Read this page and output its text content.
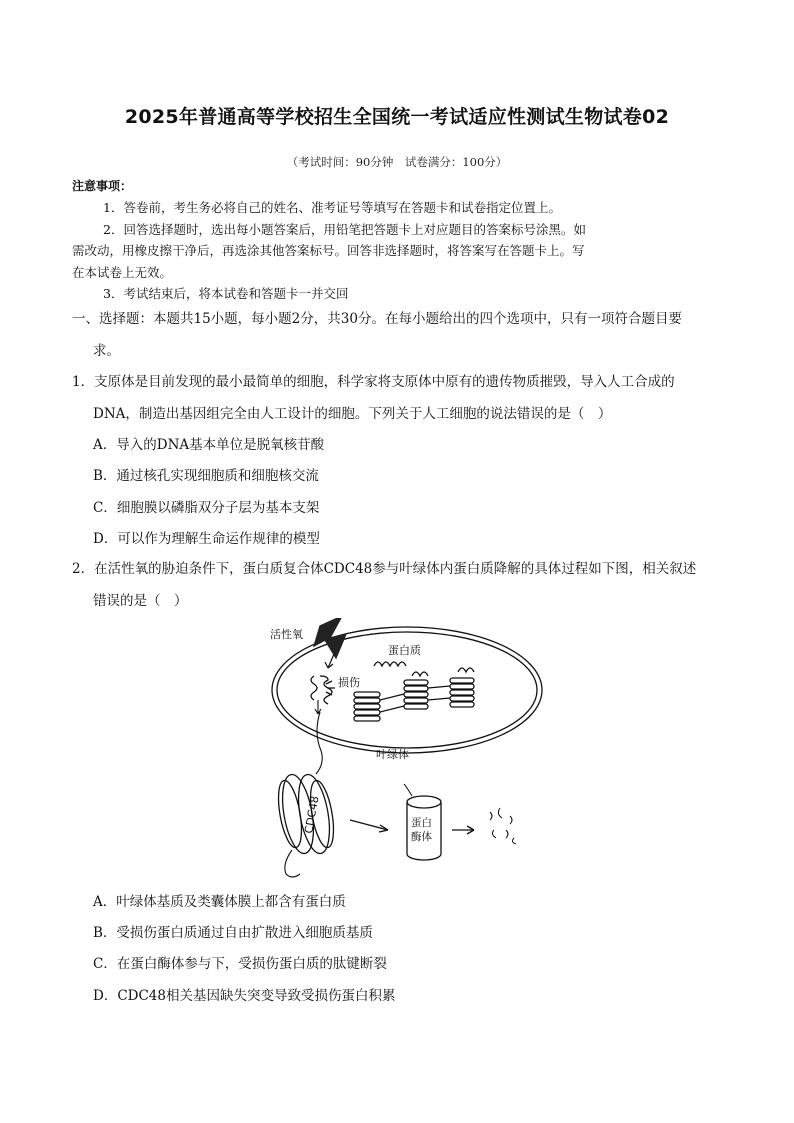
2025年普通高等学校招生全国统一考试适应性测试生物试卷02
（考试时间：90分钟　试卷满分：100分）
注意事项：
1．答卷前，考生务必将自己的姓名、准考证号等填写在答题卡和试卷指定位置上。
2．回答选择题时，选出每小题答案后，用铅笔把答题卡上对应题目的答案标号涂黑。如
需改动，用橡皮擦干净后，再选涂其他答案标号。回答非选择题时，将答案写在答题卡上。写
在本试卷上无效。
3．考试结束后，将本试卷和答题卡一并交回
一、选择题：本题共15小题，每小题2分，共30分。在每小题给出的四个选项中，只有一项符合题目要
求。
1．支原体是目前发现的最小最简单的细胞，科学家将支原体中原有的遗传物质摧毁，导入人工合成的
DNA，制造出基因组完全由人工设计的细胞。下列关于人工细胞的说法错误的是（　）
A．导入的DNA基本单位是脱氧核苷酸
B．通过核孔实现细胞质和细胞核交流
C．细胞膜以磷脂双分子层为基本支架
D．可以作为理解生命运作规律的模型
2．在活性氧的胁迫条件下，蛋白质复合体CDC48参与叶绿体内蛋白质降解的具体过程如下图，相关叙述
错误的是（　）
活性氧
蛋白质
损伤
叶绿体
CDC48	蛋白
酶体
A．叶绿体基质及类囊体膜上都含有蛋白质
B．受损伤蛋白质通过自由扩散进入细胞质基质
C．在蛋白酶体参与下，受损伤蛋白质的肽键断裂
D．CDC48相关基因缺失突变导致受损伤蛋白积累
